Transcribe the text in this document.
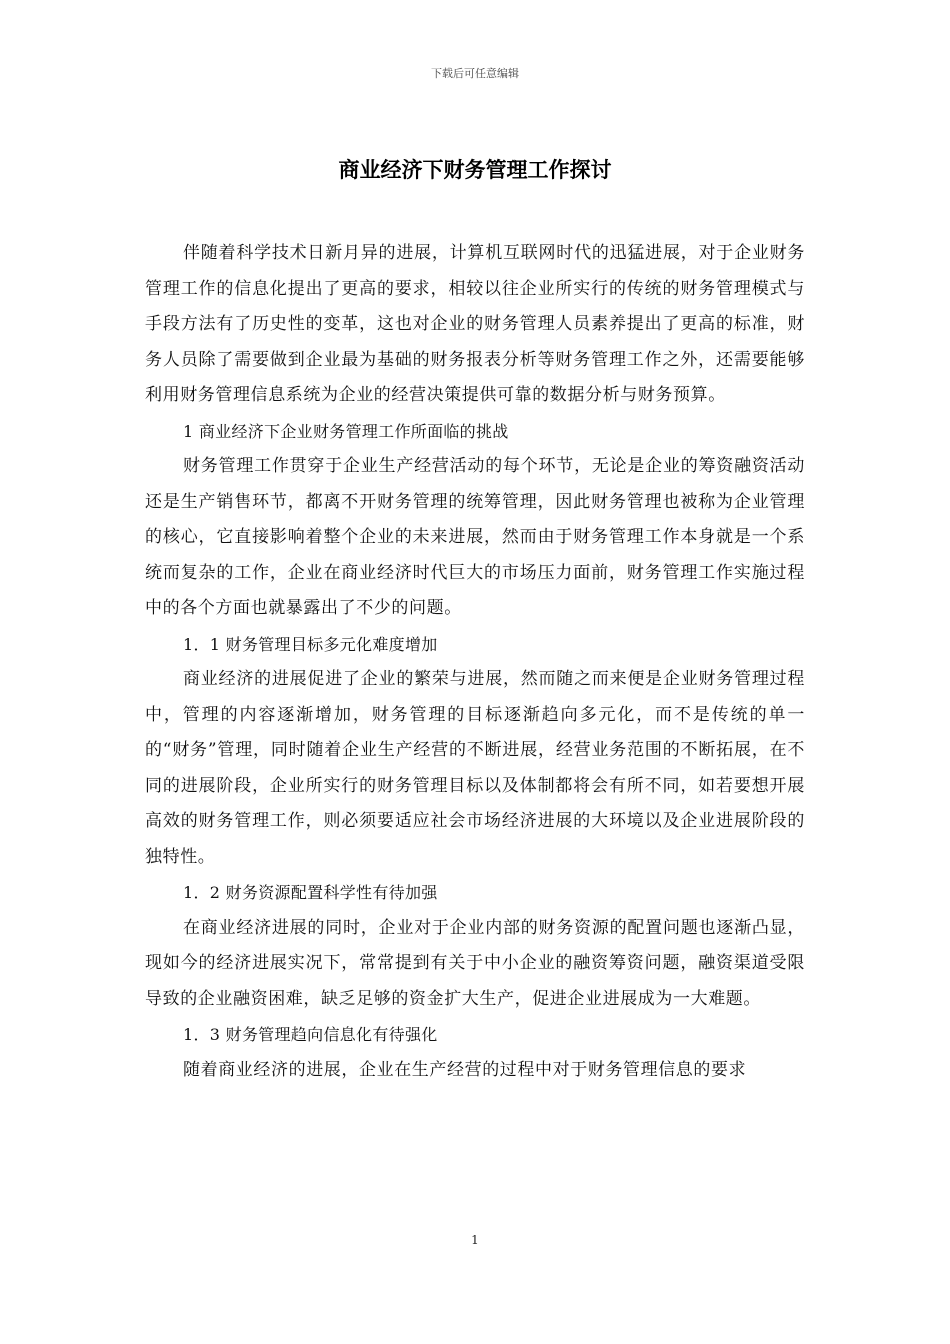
下载后可任意编辑
商业经济下财务管理工作探讨

伴随着科学技术日新月异的进展，计算机互联网时代的迅猛进展，对于企业财务管理工作的信息化提出了更高的要求，相较以往企业所实行的传统的财务管理模式与手段方法有了历史性的变革，这也对企业的财务管理人员素养提出了更高的标准，财务人员除了需要做到企业最为基础的财务报表分析等财务管理工作之外，还需要能够利用财务管理信息系统为企业的经营决策提供可靠的数据分析与财务预算。

1 商业经济下企业财务管理工作所面临的挑战

财务管理工作贯穿于企业生产经营活动的每个环节，无论是企业的筹资融资活动还是生产销售环节，都离不开财务管理的统筹管理，因此财务管理也被称为企业管理的核心，它直接影响着整个企业的未来进展，然而由于财务管理工作本身就是一个系统而复杂的工作，企业在商业经济时代巨大的市场压力面前，财务管理工作实施过程中的各个方面也就暴露出了不少的问题。

1．1 财务管理目标多元化难度增加

商业经济的进展促进了企业的繁荣与进展，然而随之而来便是企业财务管理过程中，管理的内容逐渐增加，财务管理的目标逐渐趋向多元化，而不是传统的单一的“财务”管理，同时随着企业生产经营的不断进展，经营业务范围的不断拓展，在不同的进展阶段，企业所实行的财务管理目标以及体制都将会有所不同，如若要想开展高效的财务管理工作，则必须要适应社会市场经济进展的大环境以及企业进展阶段的独特性。

1．2 财务资源配置科学性有待加强

在商业经济进展的同时，企业对于企业内部的财务资源的配置问题也逐渐凸显，现如今的经济进展实况下，常常提到有关于中小企业的融资筹资问题，融资渠道受限导致的企业融资困难，缺乏足够的资金扩大生产，促进企业进展成为一大难题。

1．3 财务管理趋向信息化有待强化

随着商业经济的进展，企业在生产经营的过程中对于财务管理信息的要求

1
